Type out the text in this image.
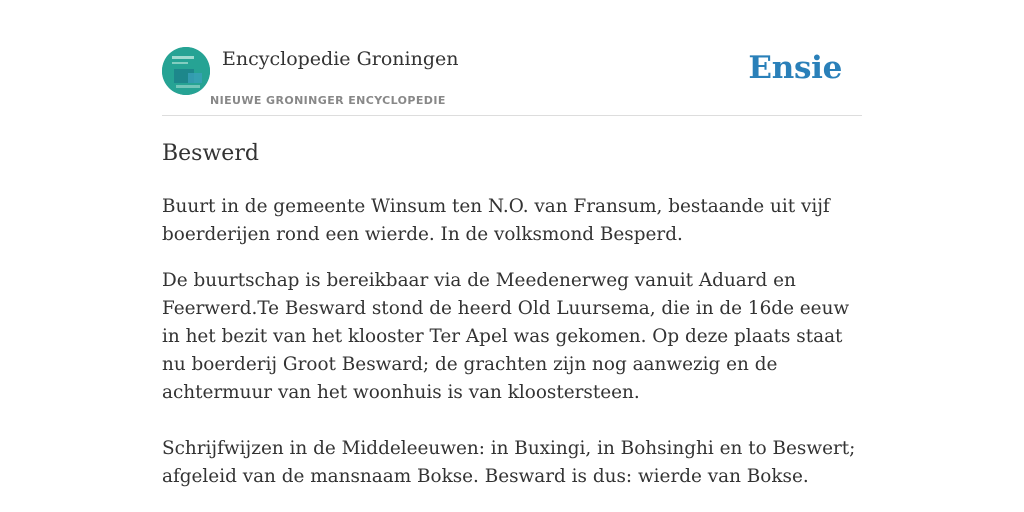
Encyclopedie Groningen
NIEUWE GRONINGER ENCYCLOPEDIE
Ensie
Beswerd

Buurt in de gemeente Winsum ten N.O. van Fransum, bestaande uit vijf boerderijen rond een wierde. In de volksmond Besperd.

De buurtschap is bereikbaar via de Meedenerweg vanuit Aduard en Feerwerd.Te Besward stond de heerd Old Luursema, die in de 16de eeuw in het bezit van het klooster Ter Apel was gekomen. Op deze plaats staat nu boerderij Groot Besward; de grachten zijn nog aanwezig en de achtermuur van het woonhuis is van kloostersteen.

Schrijfwijzen in de Middeleeuwen: in Buxingi, in Bohsinghi en to Beswert; afgeleid van de mansnaam Bokse. Besward is dus: wierde van Bokse.
